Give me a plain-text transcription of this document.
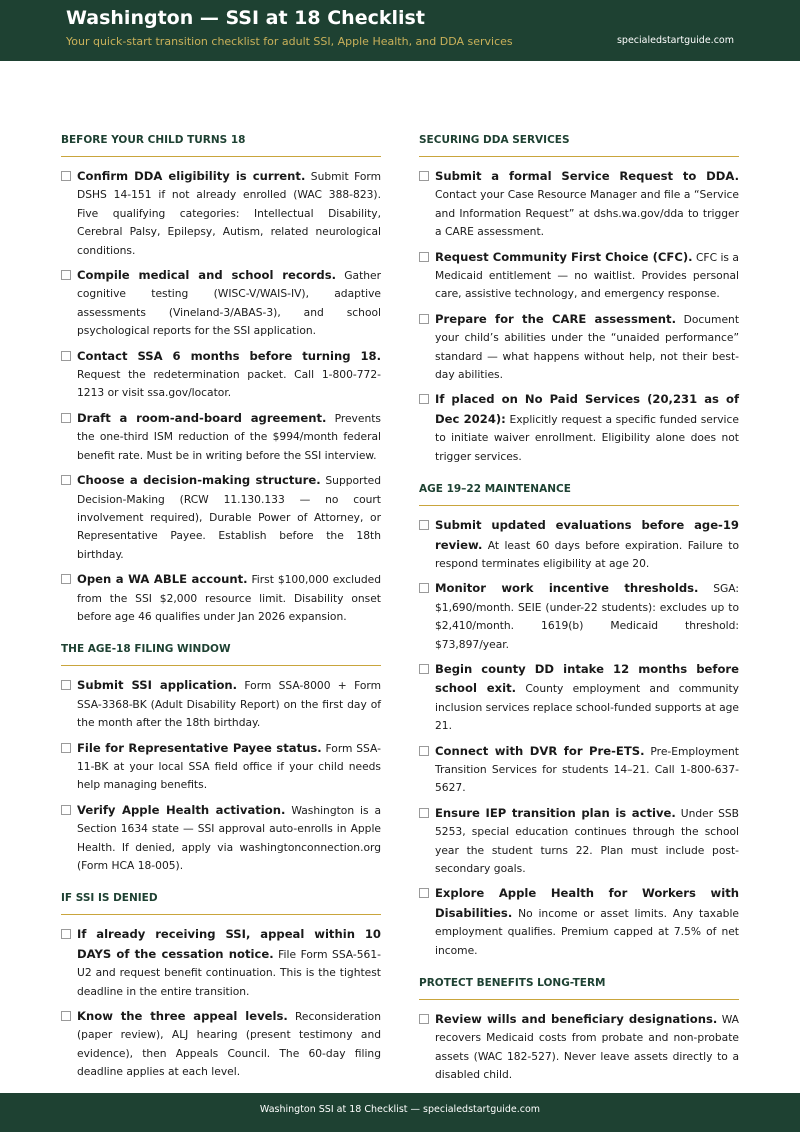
Washington — SSI at 18 Checklist
Your quick-start transition checklist for adult SSI, Apple Health, and DDA services	specialedstartguide.com
BEFORE YOUR CHILD TURNS 18
Confirm DDA eligibility is current. Submit Form DSHS 14-151 if not already enrolled (WAC 388-823). Five qualifying categories: Intellectual Disability, Cerebral Palsy, Epilepsy, Autism, related neurological conditions.
Compile medical and school records. Gather cognitive testing (WISC-V/WAIS-IV), adaptive assessments (Vineland-3/ABAS-3), and school psychological reports for the SSI application.
Contact SSA 6 months before turning 18. Request the redetermination packet. Call 1-800-772-1213 or visit ssa.gov/locator.
Draft a room-and-board agreement. Prevents the one-third ISM reduction of the $994/month federal benefit rate. Must be in writing before the SSI interview.
Choose a decision-making structure. Supported Decision-Making (RCW 11.130.133 — no court involvement required), Durable Power of Attorney, or Representative Payee. Establish before the 18th birthday.
Open a WA ABLE account. First $100,000 excluded from the SSI $2,000 resource limit. Disability onset before age 46 qualifies under Jan 2026 expansion.
THE AGE-18 FILING WINDOW
Submit SSI application. Form SSA-8000 + Form SSA-3368-BK (Adult Disability Report) on the first day of the month after the 18th birthday.
File for Representative Payee status. Form SSA-11-BK at your local SSA field office if your child needs help managing benefits.
Verify Apple Health activation. Washington is a Section 1634 state — SSI approval auto-enrolls in Apple Health. If denied, apply via washingtonconnection.org (Form HCA 18-005).
IF SSI IS DENIED
If already receiving SSI, appeal within 10 DAYS of the cessation notice. File Form SSA-561-U2 and request benefit continuation. This is the tightest deadline in the entire transition.
Know the three appeal levels. Reconsideration (paper review), ALJ hearing (present testimony and evidence), then Appeals Council. The 60-day filing deadline applies at each level.
SECURING DDA SERVICES
Submit a formal Service Request to DDA. Contact your Case Resource Manager and file a “Service and Information Request” at dshs.wa.gov/dda to trigger a CARE assessment.
Request Community First Choice (CFC). CFC is a Medicaid entitlement — no waitlist. Provides personal care, assistive technology, and emergency response.
Prepare for the CARE assessment. Document your child’s abilities under the “unaided performance” standard — what happens without help, not their best-day abilities.
If placed on No Paid Services (20,231 as of Dec 2024): Explicitly request a specific funded service to initiate waiver enrollment. Eligibility alone does not trigger services.
AGE 19–22 MAINTENANCE
Submit updated evaluations before age-19 review. At least 60 days before expiration. Failure to respond terminates eligibility at age 20.
Monitor work incentive thresholds. SGA: $1,690/month. SEIE (under-22 students): excludes up to $2,410/month. 1619(b) Medicaid threshold: $73,897/year.
Begin county DD intake 12 months before school exit. County employment and community inclusion services replace school-funded supports at age 21.
Connect with DVR for Pre-ETS. Pre-Employment Transition Services for students 14–21. Call 1-800-637-5627.
Ensure IEP transition plan is active. Under SSB 5253, special education continues through the school year the student turns 22. Plan must include post-secondary goals.
Explore Apple Health for Workers with Disabilities. No income or asset limits. Any taxable employment qualifies. Premium capped at 7.5% of net income.
PROTECT BENEFITS LONG-TERM
Review wills and beneficiary designations. WA recovers Medicaid costs from probate and non-probate assets (WAC 182-527). Never leave assets directly to a disabled child.
Washington SSI at 18 Checklist — specialedstartguide.com
